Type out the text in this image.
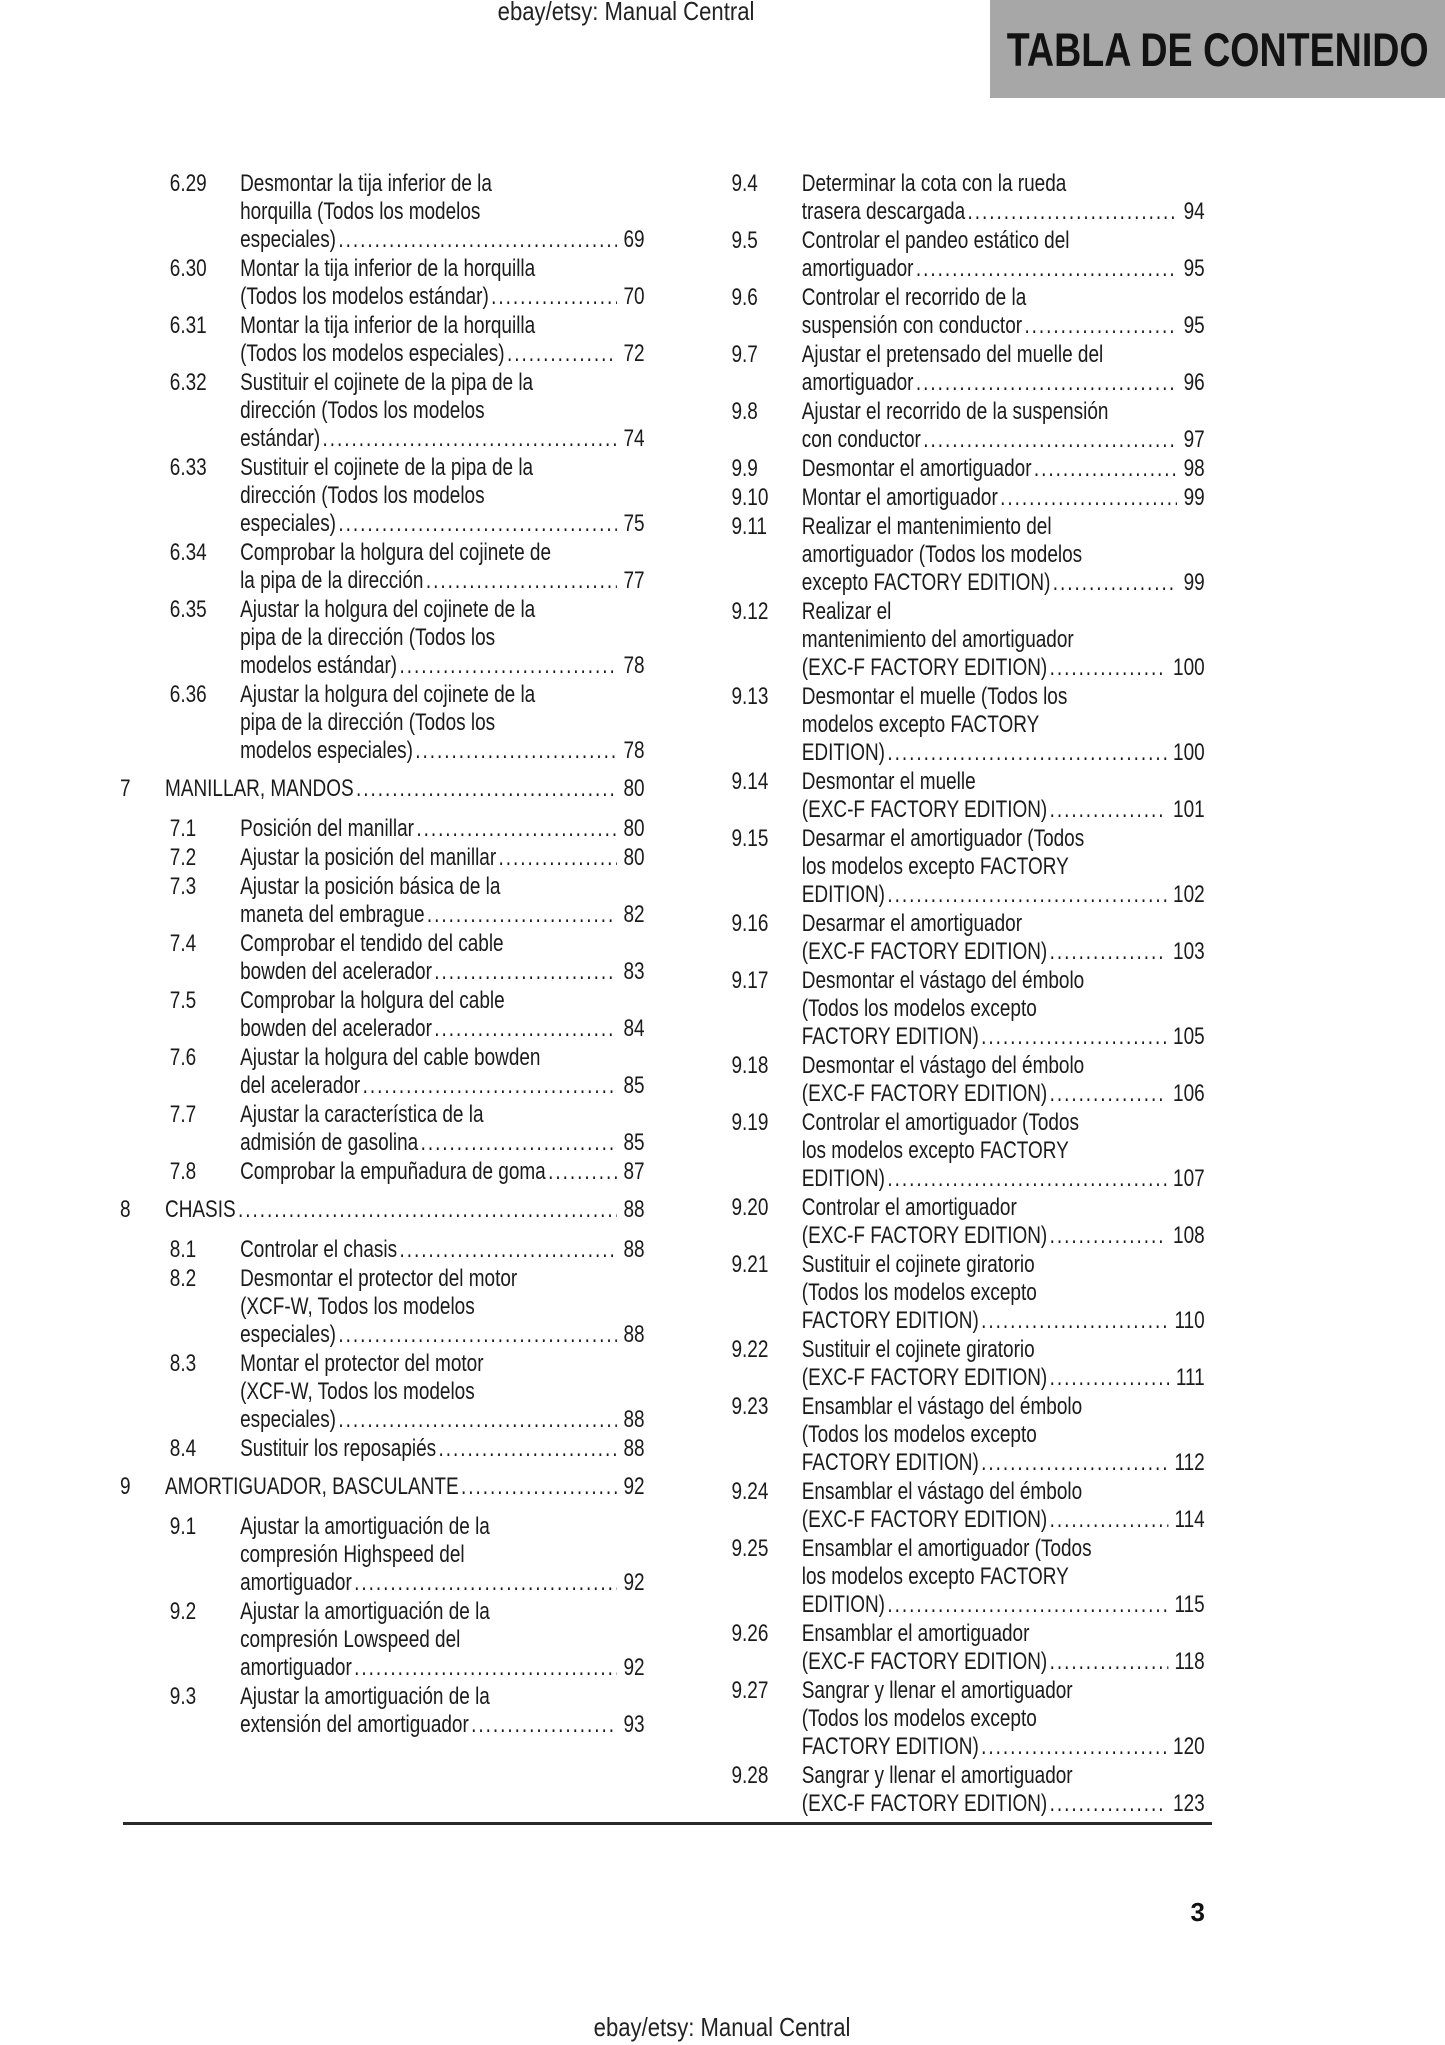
ebay/etsy: Manual Central
TABLA DE CONTENIDO
6.29	Desmontar la tija inferior de la
horquilla (Todos los modelos
especiales) .....	69
6.30	Montar la tija inferior de la horquilla
(Todos los modelos estándar) .....	70
6.31	Montar la tija inferior de la horquilla
(Todos los modelos especiales) .....	72
6.32	Sustituir el cojinete de la pipa de la
dirección (Todos los modelos
estándar) .....	74
6.33	Sustituir el cojinete de la pipa de la
dirección (Todos los modelos
especiales) .....	75
6.34	Comprobar la holgura del cojinete de
la pipa de la dirección .....	77
6.35	Ajustar la holgura del cojinete de la
pipa de la dirección (Todos los
modelos estándar) .....	78
6.36	Ajustar la holgura del cojinete de la
pipa de la dirección (Todos los
modelos especiales) .....	78
7	MANILLAR, MANDOS .....	80
7.1	Posición del manillar .....	80
7.2	Ajustar la posición del manillar .....	80
7.3	Ajustar la posición básica de la
maneta del embrague .....	82
7.4	Comprobar el tendido del cable
bowden del acelerador .....	83
7.5	Comprobar la holgura del cable
bowden del acelerador .....	84
7.6	Ajustar la holgura del cable bowden
del acelerador .....	85
7.7	Ajustar la característica de la
admisión de gasolina .....	85
7.8	Comprobar la empuñadura de goma .....	87
8	CHASIS .....	88
8.1	Controlar el chasis .....	88
8.2	Desmontar el protector del motor
(XCF-W, Todos los modelos
especiales) .....	88
8.3	Montar el protector del motor
(XCF-W, Todos los modelos
especiales) .....	88
8.4	Sustituir los reposapiés .....	88
9	AMORTIGUADOR, BASCULANTE .....	92
9.1	Ajustar la amortiguación de la
compresión Highspeed del
amortiguador .....	92
9.2	Ajustar la amortiguación de la
compresión Lowspeed del
amortiguador .....	92
9.3	Ajustar la amortiguación de la
extensión del amortiguador .....	93
9.4	Determinar la cota con la rueda
trasera descargada .....	94
9.5	Controlar el pandeo estático del
amortiguador .....	95
9.6	Controlar el recorrido de la
suspensión con conductor .....	95
9.7	Ajustar el pretensado del muelle del
amortiguador .....	96
9.8	Ajustar el recorrido de la suspensión
con conductor .....	97
9.9	Desmontar el amortiguador .....	98
9.10	Montar el amortiguador .....	99
9.11	Realizar el mantenimiento del
amortiguador (Todos los modelos
excepto FACTORY EDITION) .....	99
9.12	Realizar el
mantenimiento del amortiguador
(EXC-F FACTORY EDITION) .....	100
9.13	Desmontar el muelle (Todos los
modelos excepto FACTORY
EDITION) .....	100
9.14	Desmontar el muelle
(EXC-F FACTORY EDITION) .....	101
9.15	Desarmar el amortiguador (Todos
los modelos excepto FACTORY
EDITION) .....	102
9.16	Desarmar el amortiguador
(EXC-F FACTORY EDITION) .....	103
9.17	Desmontar el vástago del émbolo
(Todos los modelos excepto
FACTORY EDITION) .....	105
9.18	Desmontar el vástago del émbolo
(EXC-F FACTORY EDITION) .....	106
9.19	Controlar el amortiguador (Todos
los modelos excepto FACTORY
EDITION) .....	107
9.20	Controlar el amortiguador
(EXC-F FACTORY EDITION) .....	108
9.21	Sustituir el cojinete giratorio
(Todos los modelos excepto
FACTORY EDITION) .....	110
9.22	Sustituir el cojinete giratorio
(EXC-F FACTORY EDITION) .....	111
9.23	Ensamblar el vástago del émbolo
(Todos los modelos excepto
FACTORY EDITION) .....	112
9.24	Ensamblar el vástago del émbolo
(EXC-F FACTORY EDITION) .....	114
9.25	Ensamblar el amortiguador (Todos
los modelos excepto FACTORY
EDITION) .....	115
9.26	Ensamblar el amortiguador
(EXC-F FACTORY EDITION) .....	118
9.27	Sangrar y llenar el amortiguador
(Todos los modelos excepto
FACTORY EDITION) .....	120
9.28	Sangrar y llenar el amortiguador
(EXC-F FACTORY EDITION) .....	123
3
ebay/etsy: Manual Central
